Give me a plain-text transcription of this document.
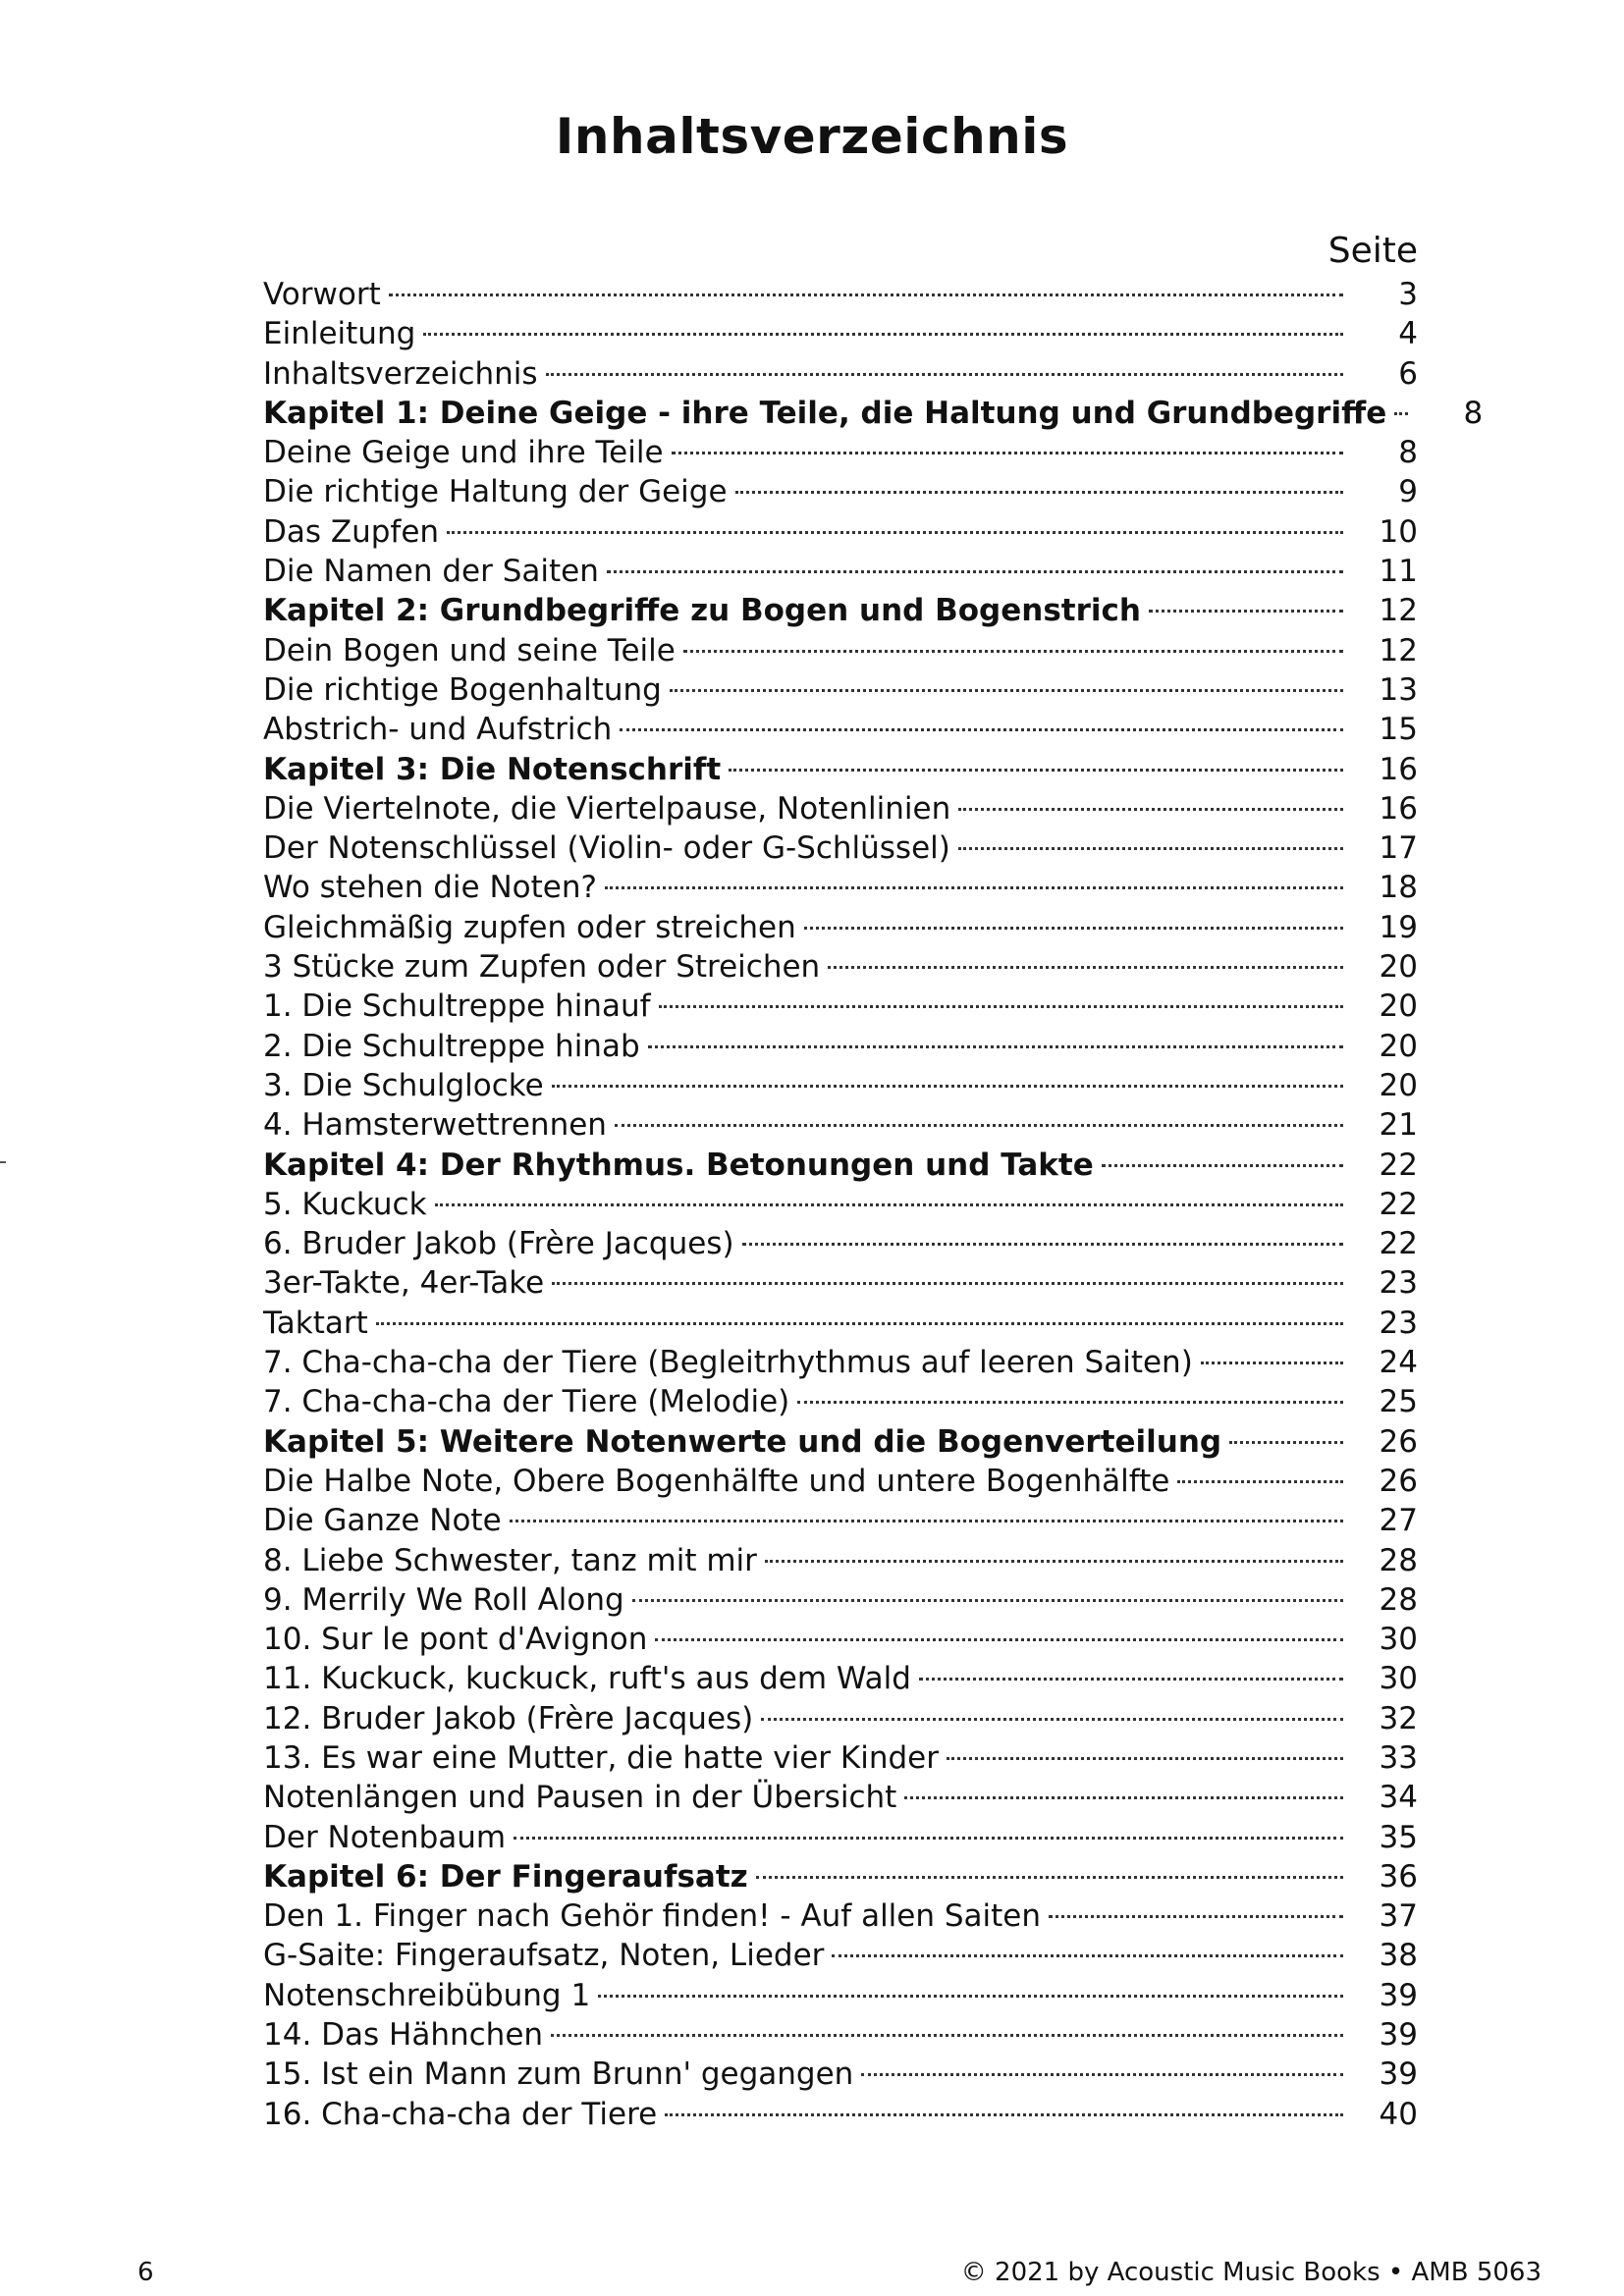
Inhaltsverzeichnis
Seite
Vorwort	3
Einleitung	4
Inhaltsverzeichnis	6
Kapitel 1: Deine Geige - ihre Teile, die Haltung und Grundbegriffe	8
Deine Geige und ihre Teile	8
Die richtige Haltung der Geige	9
Das Zupfen	10
Die Namen der Saiten	11
Kapitel 2: Grundbegriffe zu Bogen und Bogenstrich	12
Dein Bogen und seine Teile	12
Die richtige Bogenhaltung	13
Abstrich- und Aufstrich	15
Kapitel 3: Die Notenschrift	16
Die Viertelnote, die Viertelpause, Notenlinien	16
Der Notenschlüssel (Violin- oder G-Schlüssel)	17
Wo stehen die Noten?	18
Gleichmäßig zupfen oder streichen	19
3 Stücke zum Zupfen oder Streichen	20
1. Die Schultreppe hinauf	20
2. Die Schultreppe hinab	20
3. Die Schulglocke	20
4. Hamsterwettrennen	21
Kapitel 4: Der Rhythmus. Betonungen und Takte	22
5. Kuckuck	22
6. Bruder Jakob (Frère Jacques)	22
3er-Takte, 4er-Take	23
Taktart	23
7. Cha-cha-cha der Tiere (Begleitrhythmus auf leeren Saiten)	24
7. Cha-cha-cha der Tiere (Melodie)	25
Kapitel 5: Weitere Notenwerte und die Bogenverteilung	26
Die Halbe Note, Obere Bogenhälfte und untere Bogenhälfte	26
Die Ganze Note	27
8. Liebe Schwester, tanz mit mir	28
9. Merrily We Roll Along	28
10. Sur le pont d'Avignon	30
11. Kuckuck, kuckuck, ruft's aus dem Wald	30
12. Bruder Jakob (Frère Jacques)	32
13. Es war eine Mutter, die hatte vier Kinder	33
Notenlängen und Pausen in der Übersicht	34
Der Notenbaum	35
Kapitel 6: Der Fingeraufsatz	36
Den 1. Finger nach Gehör finden! - Auf allen Saiten	37
G-Saite: Fingeraufsatz, Noten, Lieder	38
Notenschreibübung 1	39
14. Das Hähnchen	39
15. Ist ein Mann zum Brunn' gegangen	39
16. Cha-cha-cha der Tiere	40
6	© 2021 by Acoustic Music Books • AMB 5063
